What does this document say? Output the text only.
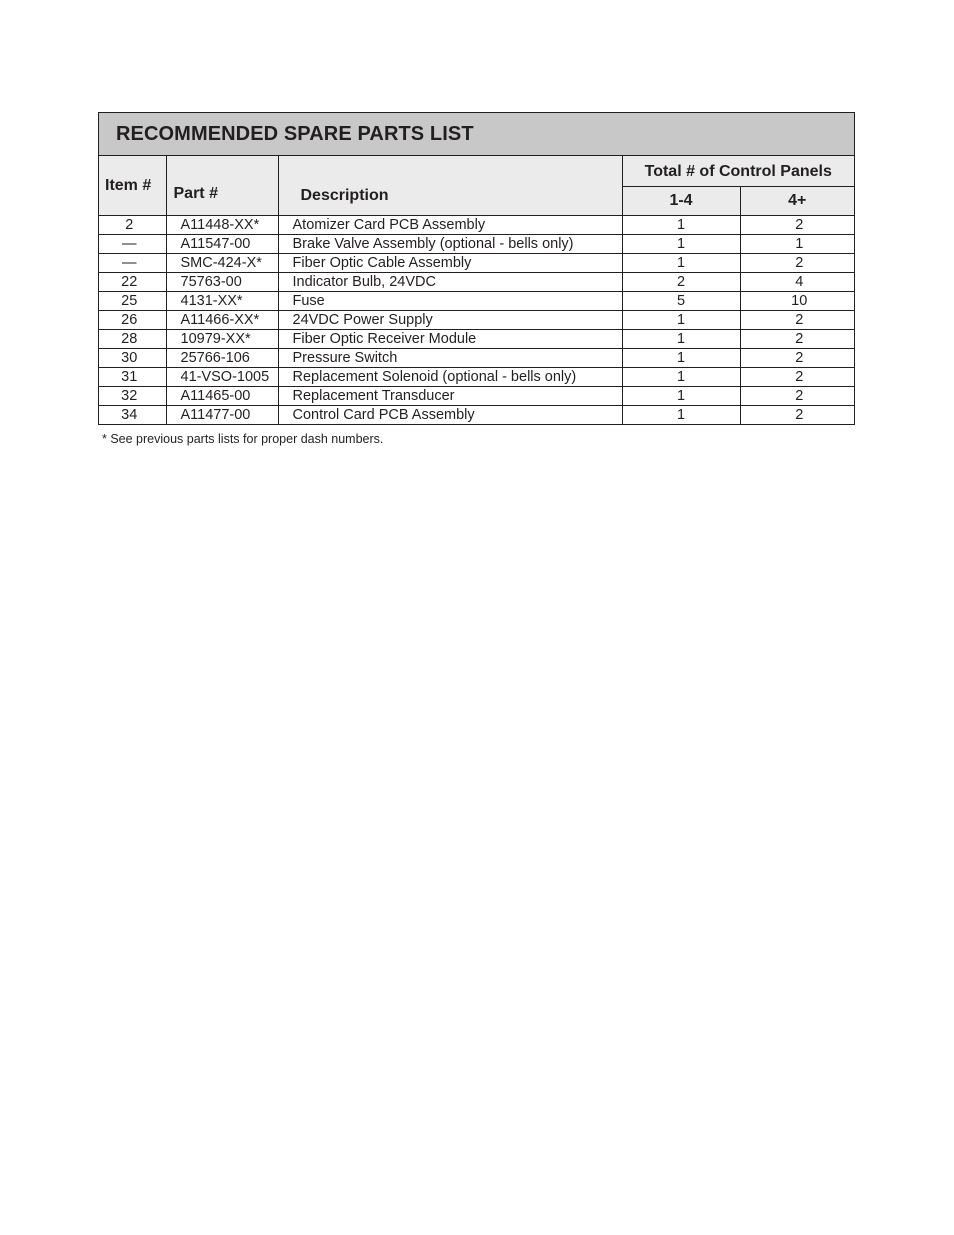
RECOMMENDED SPARE PARTS LIST
Item #	Part #	Description	Total # of Control Panels	
			1-4	4+
2	A11448-XX*	Atomizer Card PCB Assembly	1	2
—	A11547-00	Brake Valve Assembly (optional - bells only)	1	1
—	SMC-424-X*	Fiber Optic Cable Assembly	1	2
22	75763-00	Indicator Bulb, 24VDC	2	4
25	4131-XX*	Fuse	5	10
26	A11466-XX*	24VDC Power Supply	1	2
28	10979-XX*	Fiber Optic Receiver Module	1	2
30	25766-106	Pressure Switch	1	2
31	41-VSO-1005	Replacement Solenoid (optional - bells only)	1	2
32	A11465-00	Replacement Transducer	1	2
34	A11477-00	Control Card PCB Assembly	1	2
* See previous parts lists for proper dash numbers.
